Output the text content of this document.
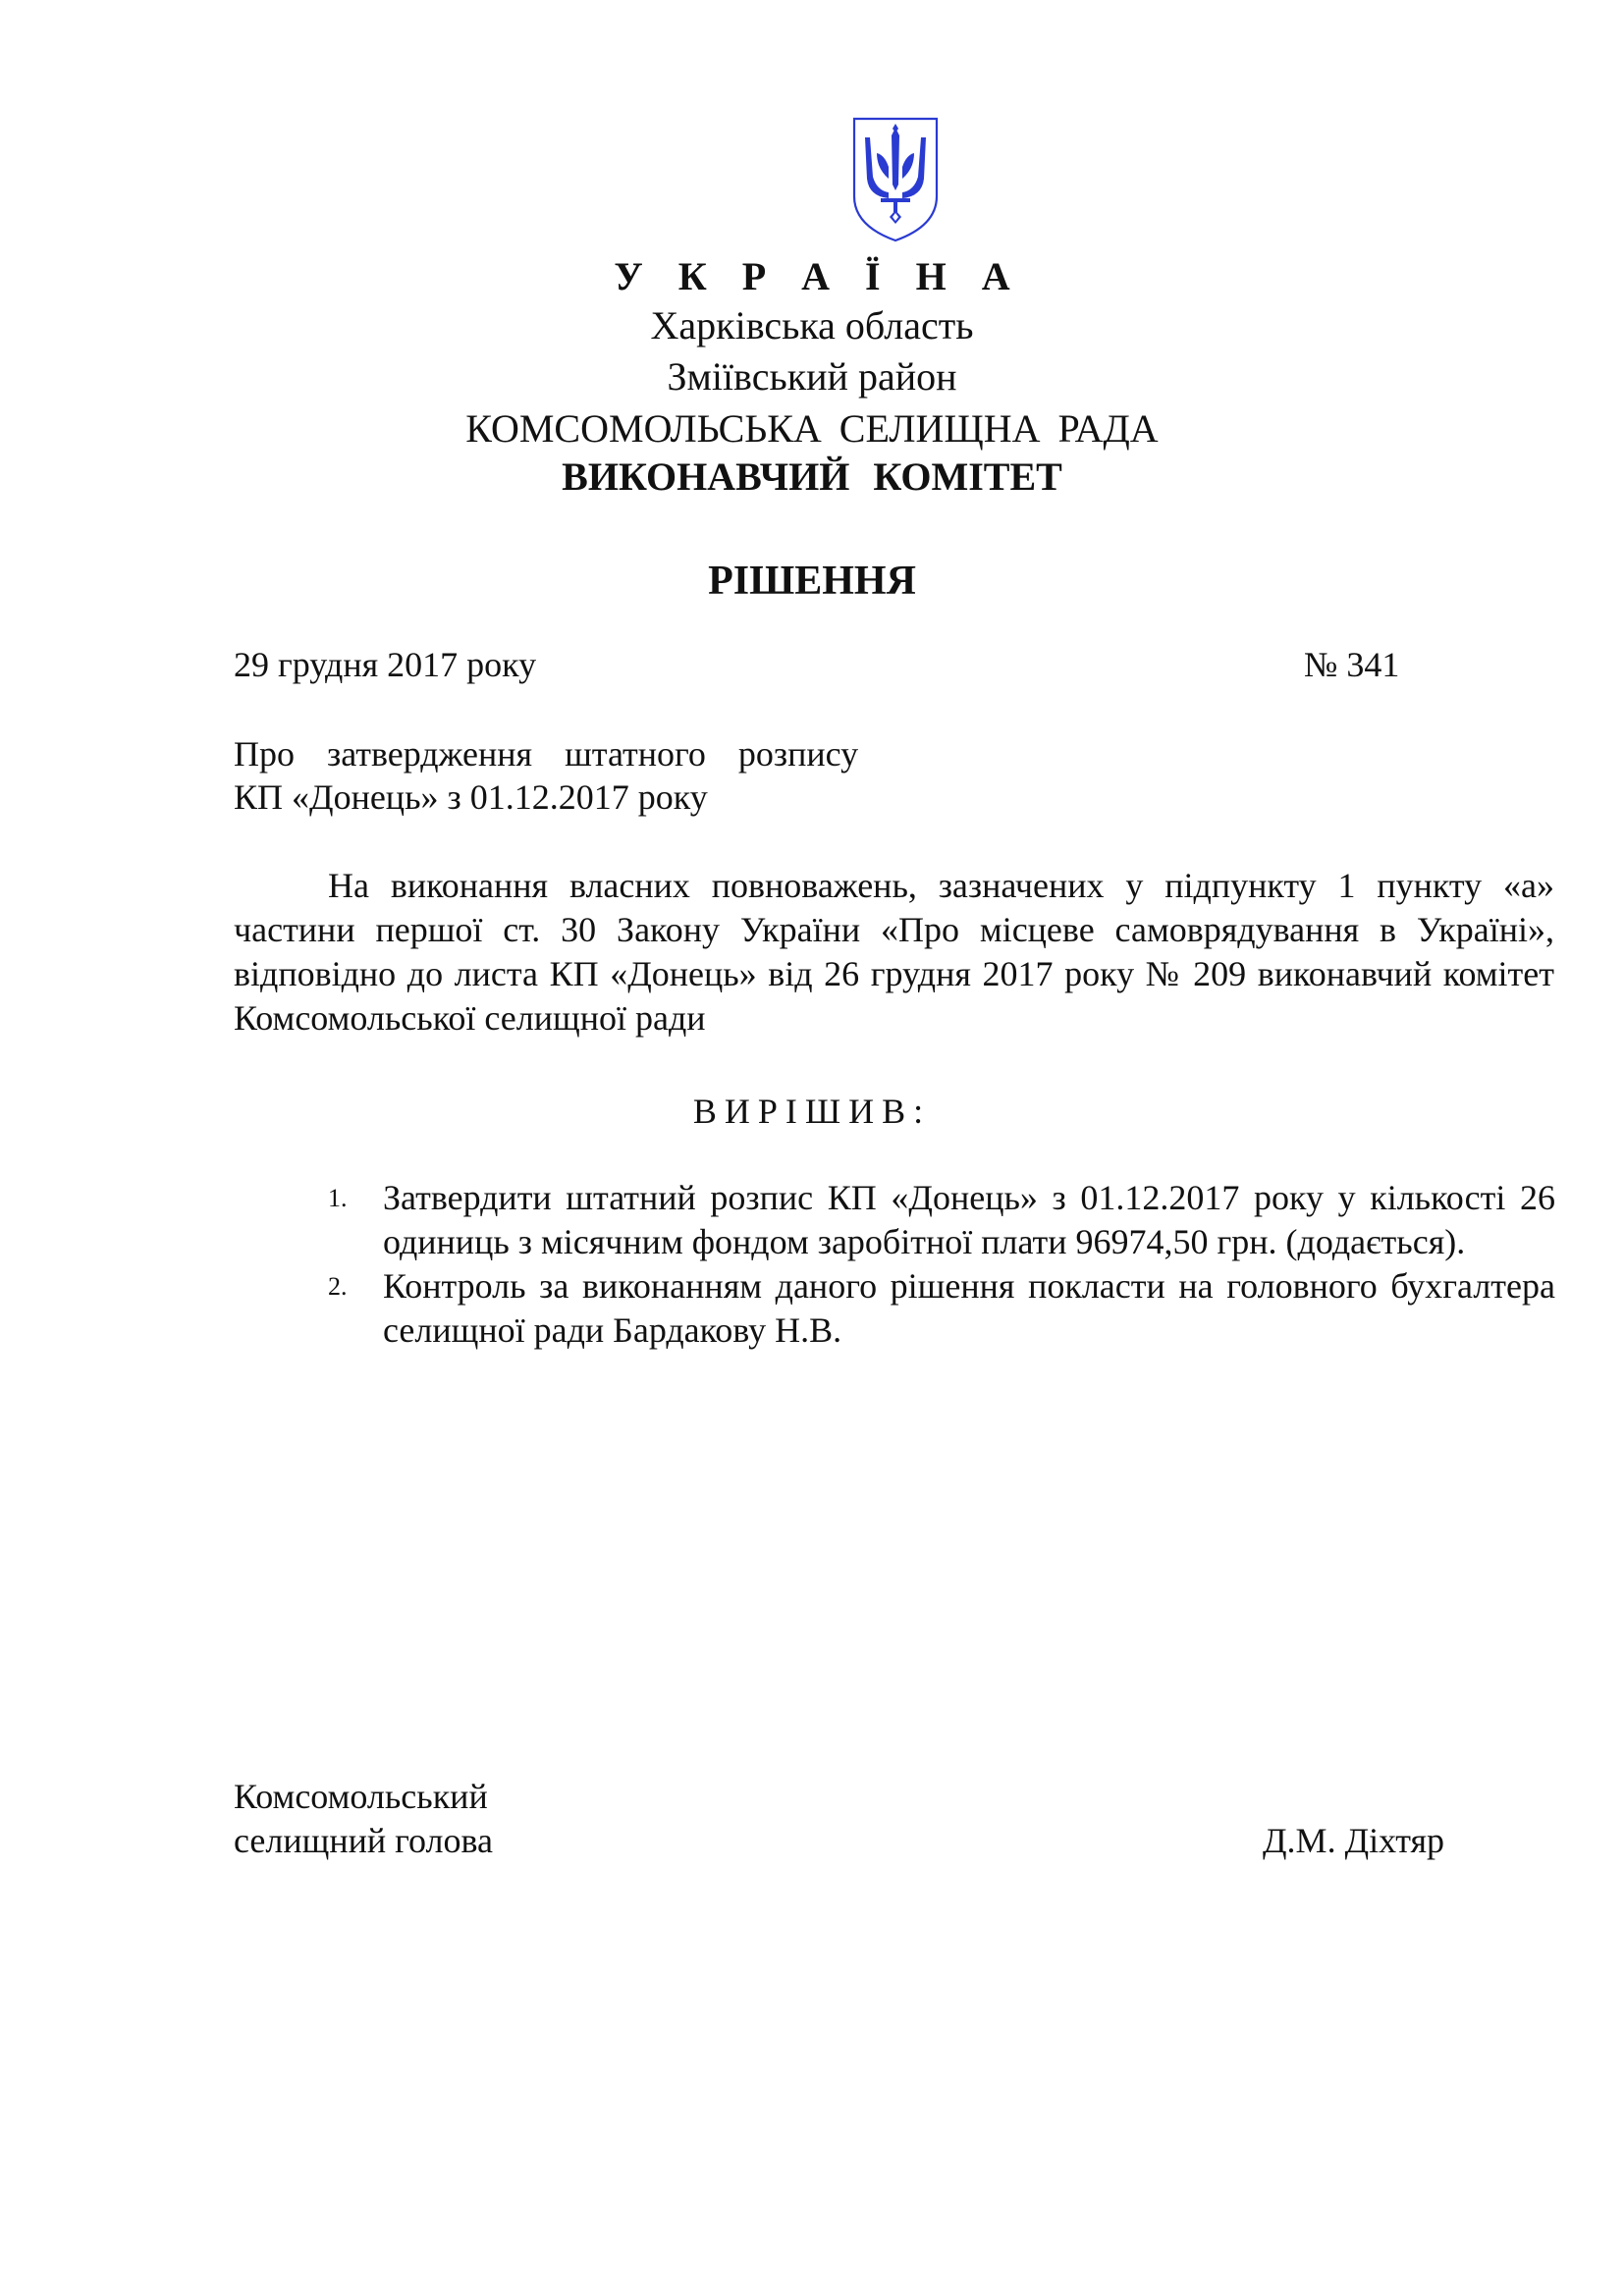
У К Р А Ї Н А
Харківська область
Зміївський район
КОМСОМОЛЬСЬКА СЕЛИЩНА РАДА
ВИКОНАВЧИЙ КОМІТЕТ
РІШЕННЯ
29 грудня 2017 року	№ 341
Про затвердження штатного розпису
КП «Донець» з 01.12.2017 року

На виконання власних повноважень, зазначених у підпункту 1 пункту «а» частини першої ст. 30 Закону України «Про місцеве самоврядування в Україні», відповідно до листа КП «Донець» від 26 грудня 2017 року № 209 виконавчий комітет Комсомольської селищної ради

ВИРІШИВ:
1. Затвердити штатний розпис КП «Донець» з 01.12.2017 року у кількості 26 одиниць з місячним фондом заробітної плати 96974,50 грн. (додається).
2. Контроль за виконанням даного рішення покласти на головного бухгалтера селищної ради Бардакову Н.В.
Комсомольський
селищний голова	Д.М. Діхтяр
